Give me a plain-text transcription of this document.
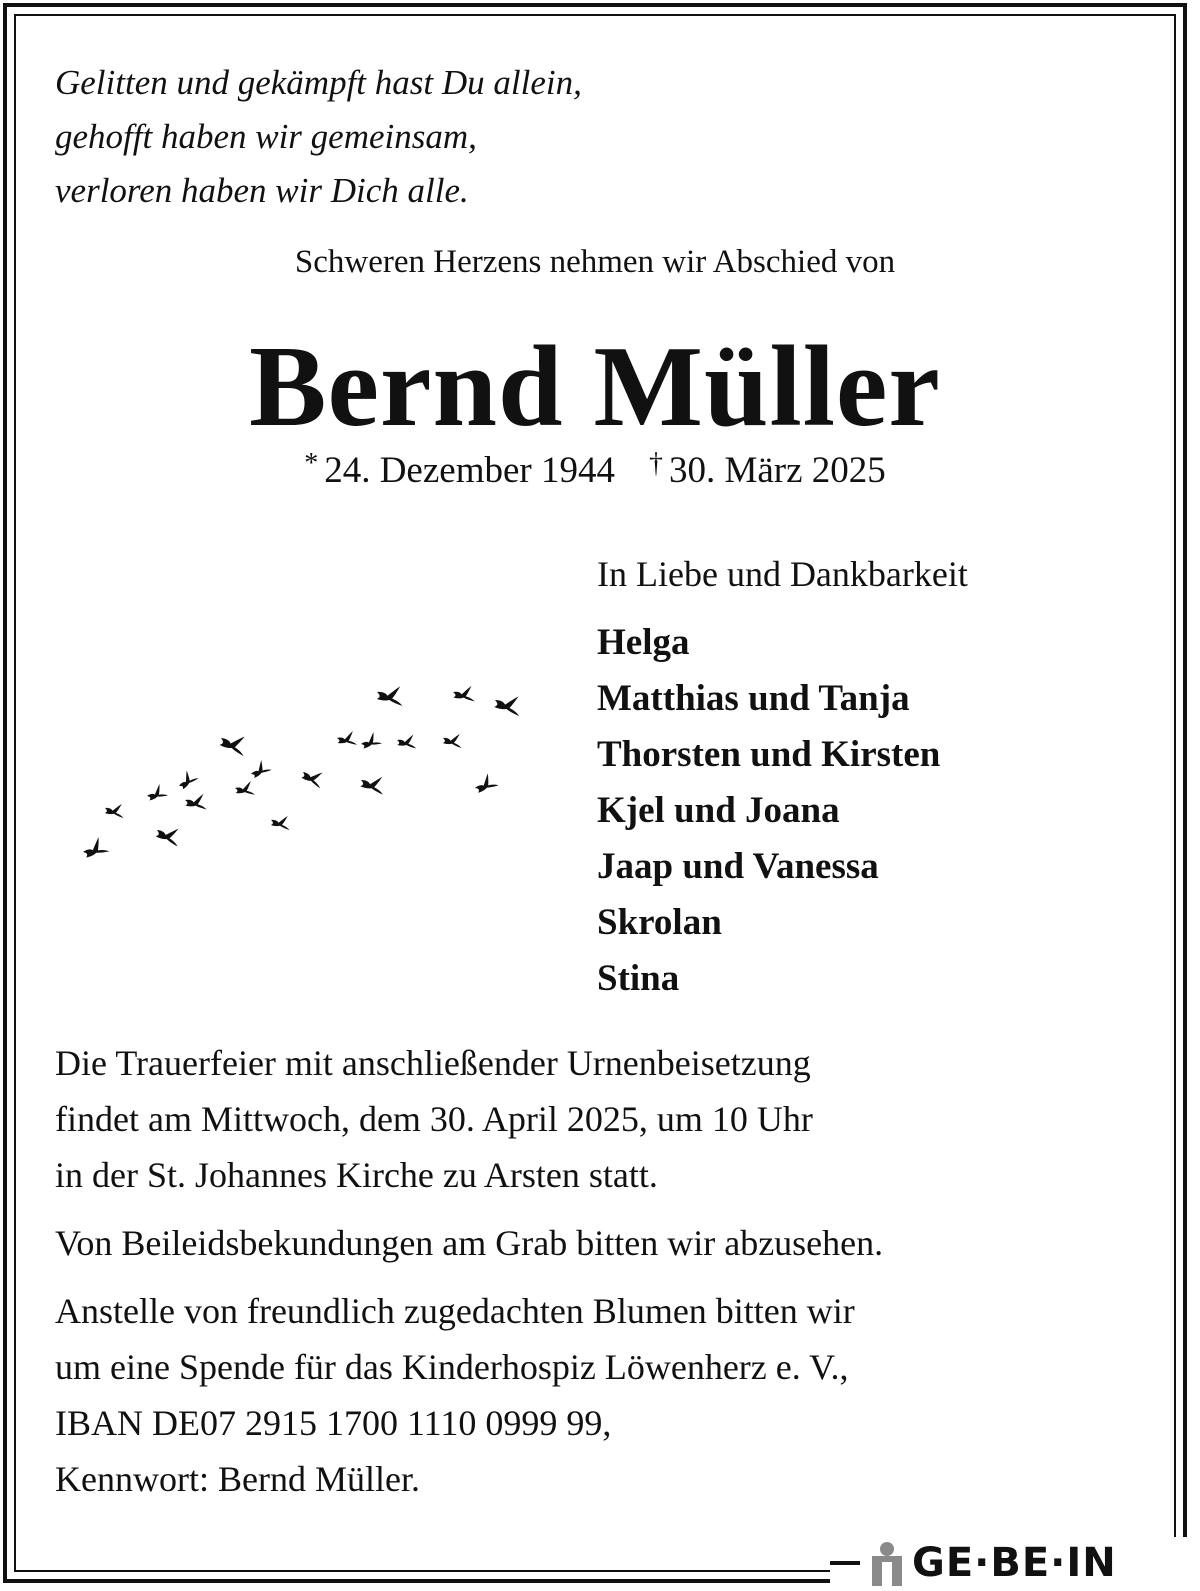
Gelitten und gekämpft hast Du allein,
gehofft haben wir gemeinsam,
verloren haben wir Dich alle.
Schweren Herzens nehmen wir Abschied von
Bernd Müller
* 24. Dezember 1944 † 30. März 2025
In Liebe und Dankbarkeit
Helga
Matthias und Tanja
Thorsten und Kirsten
Kjel und Joana
Jaap und Vanessa
Skrolan
Stina

Die Trauerfeier mit anschließender Urnenbeisetzung
findet am Mittwoch, dem 30. April 2025, um 10 Uhr
in der St. Johannes Kirche zu Arsten statt.

Von Beileidsbekundungen am Grab bitten wir abzusehen.

Anstelle von freundlich zugedachten Blumen bitten wir
um eine Spende für das Kinderhospiz Löwenherz e. V.,
IBAN DE07 2915 1700 1110 0999 99,
Kennwort: Bernd Müller.

GE·BE·IN
